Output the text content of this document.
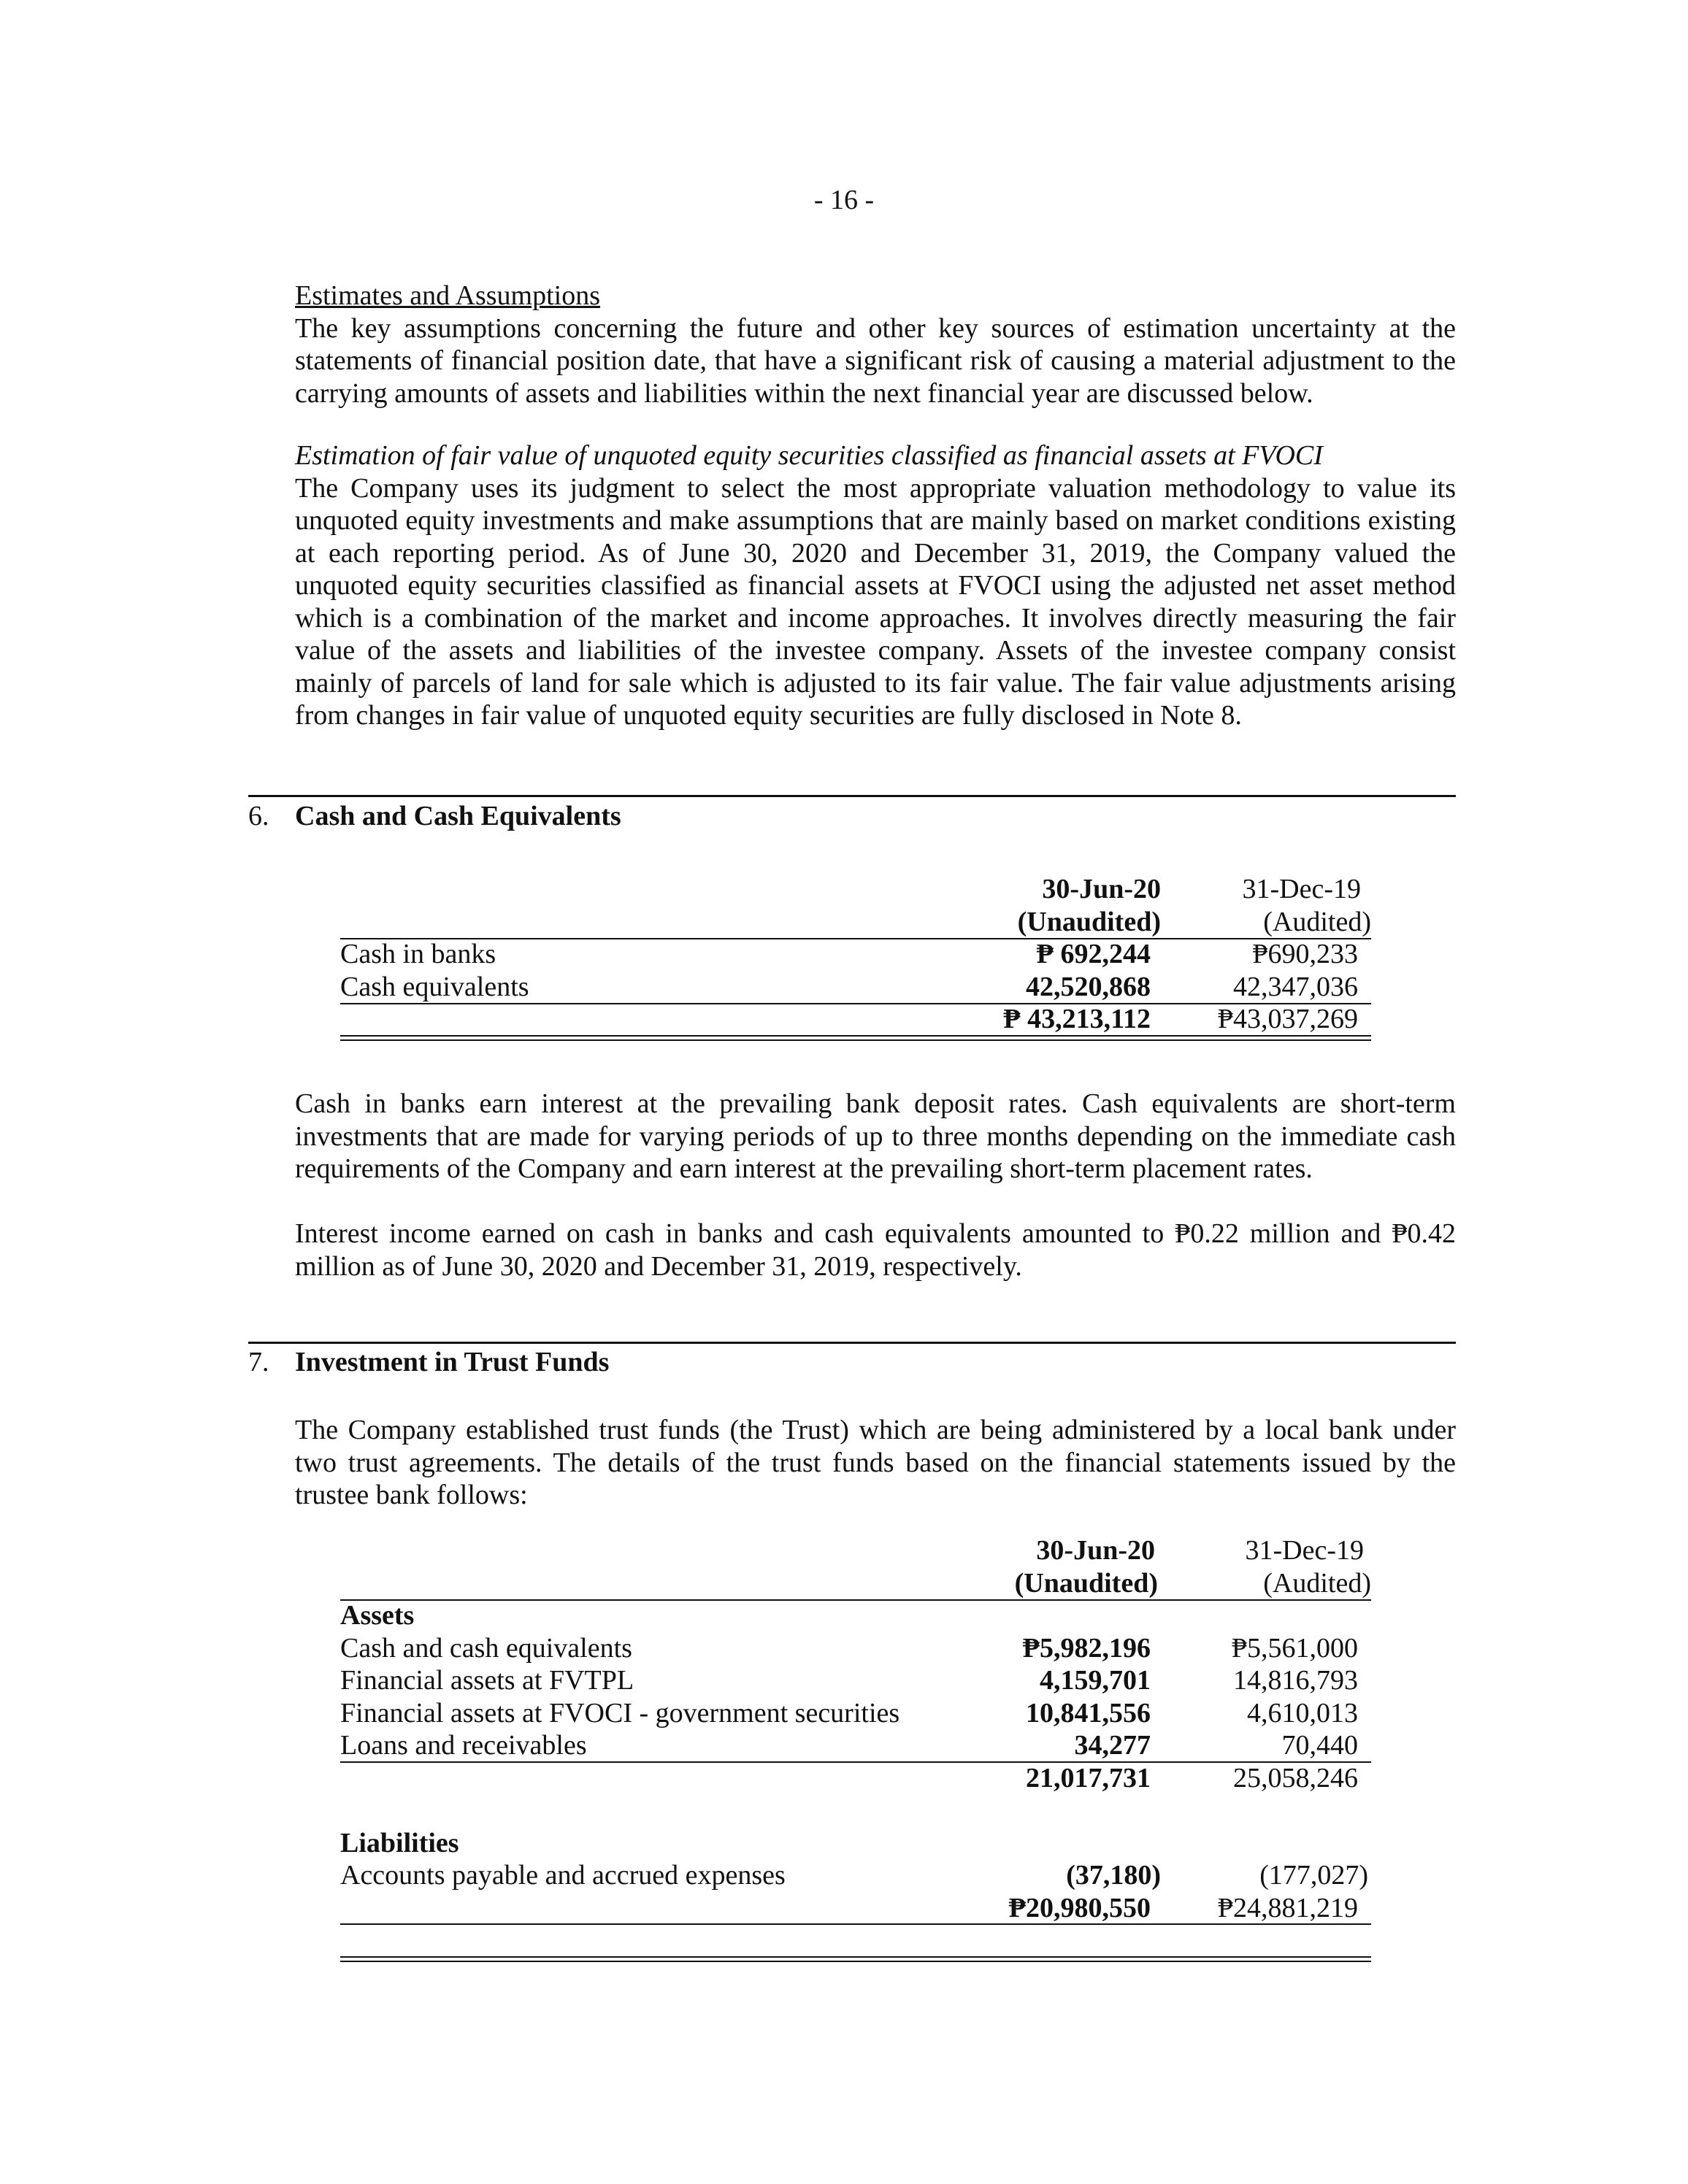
- 16 -

Estimates and Assumptions

The key assumptions concerning the future and other key sources of estimation uncertainty at the statements of financial position date, that have a significant risk of causing a material adjustment to the carrying amounts of assets and liabilities within the next financial year are discussed below.

Estimation of fair value of unquoted equity securities classified as financial assets at FVOCI

The Company uses its judgment to select the most appropriate valuation methodology to value its unquoted equity investments and make assumptions that are mainly based on market conditions existing at each reporting period. As of June 30, 2020 and December 31, 2019, the Company valued the unquoted equity securities classified as financial assets at FVOCI using the adjusted net asset method which is a combination of the market and income approaches. It involves directly measuring the fair value of the assets and liabilities of the investee company. Assets of the investee company consist mainly of parcels of land for sale which is adjusted to its fair value. The fair value adjustments arising from changes in fair value of unquoted equity securities are fully disclosed in Note 8.

6. Cash and Cash Equivalents
30-Jun-20	31-Dec-19
(Unaudited)	(Audited)
Cash in banks	₱ 692,244	₱690,233
Cash equivalents	42,520,868	42,347,036
₱ 43,213,112 ₱43,037,269

Cash in banks earn interest at the prevailing bank deposit rates. Cash equivalents are short-term investments that are made for varying periods of up to three months depending on the immediate cash requirements of the Company and earn interest at the prevailing short-term placement rates.

Interest income earned on cash in banks and cash equivalents amounted to ₱0.22 million and ₱0.42 million as of June 30, 2020 and December 31, 2019, respectively.

7. Investment in Trust Funds

The Company established trust funds (the Trust) which are being administered by a local bank under two trust agreements. The details of the trust funds based on the financial statements issued by the trustee bank follows:

30-Jun-20	31-Dec-19
(Unaudited)	(Audited)
Assets
Cash and cash equivalents	₱5,982,196	₱5,561,000
Financial assets at FVTPL	4,159,701	14,816,793
Financial assets at FVOCI - government securities	10,841,556	4,610,013
Loans and receivables	34,277	70,440
21,017,731	25,058,246
Liabilities
Accounts payable and accrued expenses	(37,180)	(177,027)
₱20,980,550 ₱24,881,219
